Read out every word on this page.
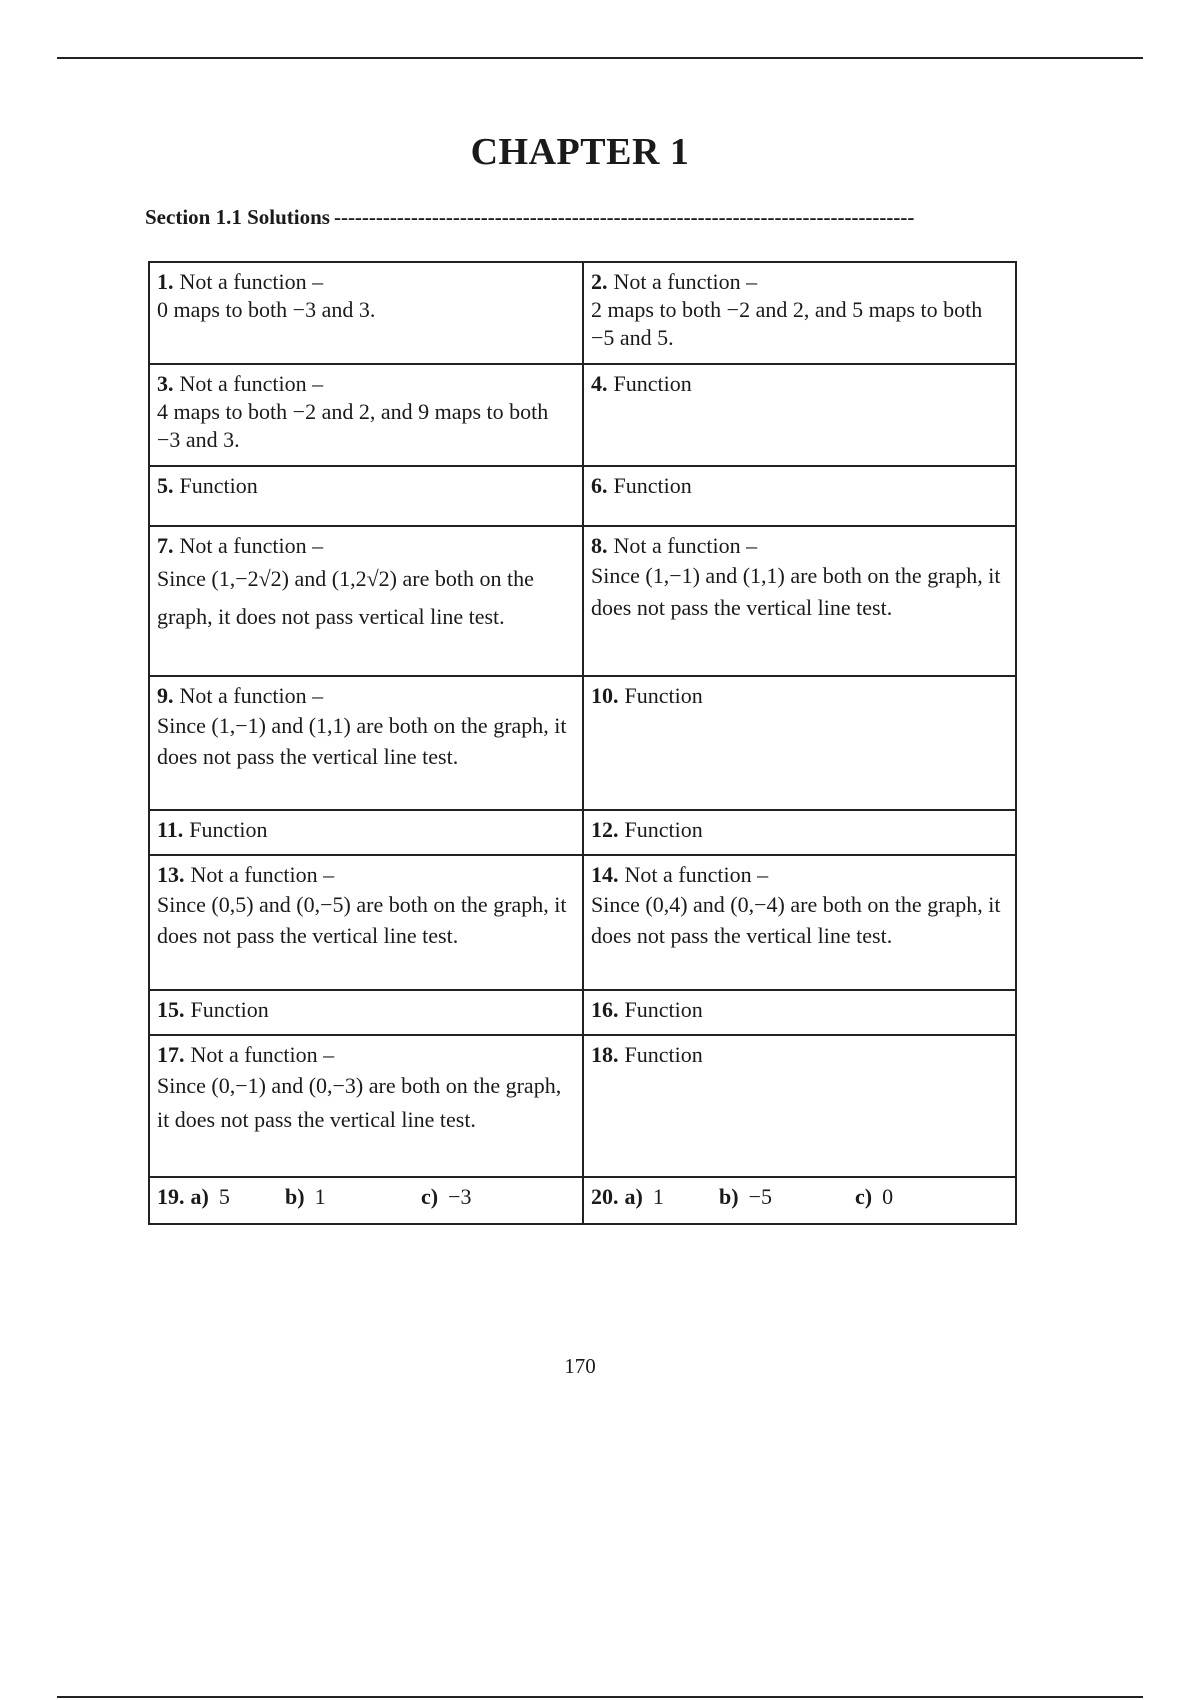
CHAPTER 1
Section 1.1 Solutions -----------------------------------------------------------------------------------
1. Not a function –
0 maps to both −3 and 3.	2. Not a function –
2 maps to both −2 and 2, and 5 maps to both −5 and 5.

3. Not a function –
4 maps to both −2 and 2, and 9 maps to both −3 and 3.	4. Function

5. Function	6. Function

7. Not a function –
Since (1,−2√2) and (1,2√2) are both on the graph, it does not pass vertical line test.	8. Not a function –
Since (1,−1) and (1,1) are both on the graph, it does not pass the vertical line test.

9. Not a function –
Since (1,−1) and (1,1) are both on the graph, it does not pass the vertical line test.	10. Function

11. Function	12. Function

13. Not a function –
Since (0,5) and (0,−5) are both on the graph, it does not pass the vertical line test.	14. Not a function –
Since (0,4) and (0,−4) are both on the graph, it does not pass the vertical line test.

15. Function	16. Function

17. Not a function –
Since (0,−1) and (0,−3) are both on the graph, it does not pass the vertical line test.	18. Function

19. a) 5 b) 1 c) −3	20. a) 1 b) −5 c) 0
170
